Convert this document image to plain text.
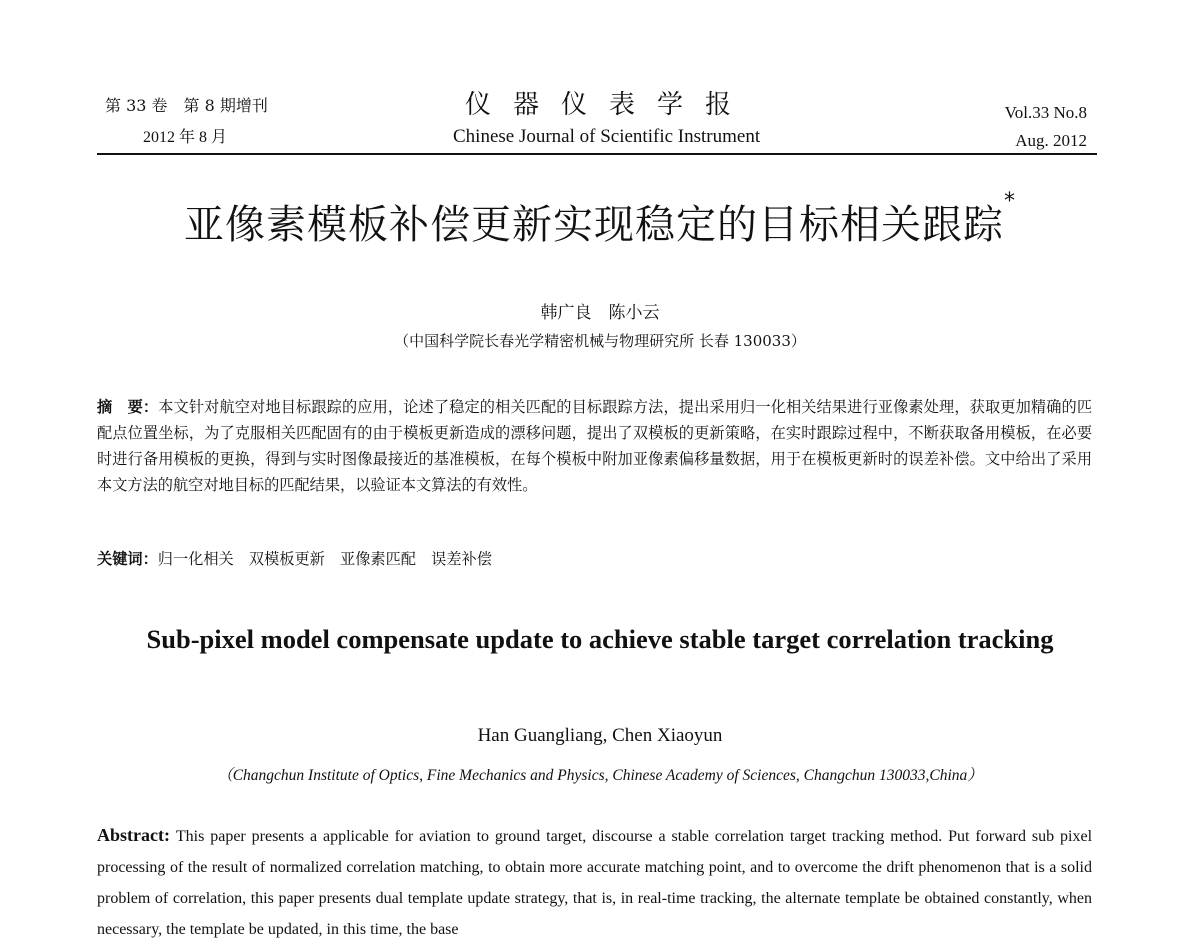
第 33 卷　第 8 期增刊
2012 年 8 月
仪器仪表学报
Chinese Journal of Scientific Instrument
Vol.33 No.8
Aug. 2012
亚像素模板补偿更新实现稳定的目标相关跟踪*
韩广良　陈小云
（中国科学院长春光学精密机械与物理研究所 长春 130033）
摘　要：本文针对航空对地目标跟踪的应用，论述了稳定的相关匹配的目标跟踪方法，提出采用归一化相关结果进行亚像素处理，获取更加精确的匹配点位置坐标，为了克服相关匹配固有的由于模板更新造成的漂移问题，提出了双模板的更新策略，在实时跟踪过程中，不断获取备用模板，在必要时进行备用模板的更换，得到与实时图像最接近的基准模板，在每个模板中附加亚像素偏移量数据，用于在模板更新时的误差补偿。文中给出了采用本文方法的航空对地目标的匹配结果，以验证本文算法的有效性。
关键词：归一化相关　双模板更新　亚像素匹配　误差补偿
Sub-pixel model compensate update to achieve stable target correlation tracking
Han Guangliang, Chen Xiaoyun
（Changchun Institute of Optics, Fine Mechanics and Physics, Chinese Academy of Sciences, Changchun 130033,China）
Abstract: This paper presents a applicable for aviation to ground target, discourse a stable correlation target tracking method. Put forward sub pixel processing of the result of normalized correlation matching, to obtain more accurate matching point, and to overcome the drift phenomenon that is a solid problem of correlation, this paper presents dual template update strategy, that is, in real-time tracking, the alternate template be obtained constantly, when necessary, the template be updated, in this time, the base
